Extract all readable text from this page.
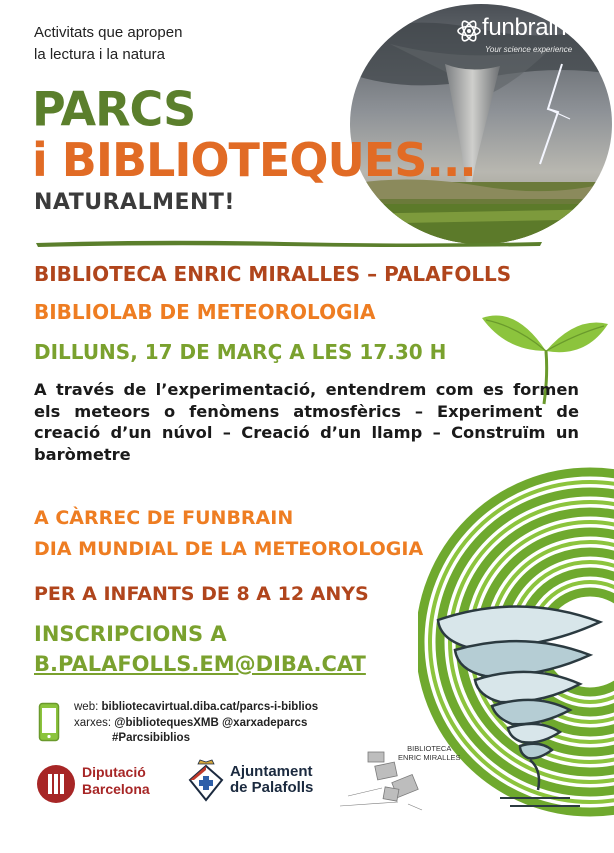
funbrain
Your science experience
Activitats que apropen
la lectura i la natura
PARCS
i BIBLIOTEQUES...
NATURALMENT!
BIBLIOTECA ENRIC MIRALLES – PALAFOLLS
BIBLIOLAB DE METEOROLOGIA
DILLUNS, 17 DE MARÇ A LES 17.30 H
A través de l’experimentació, entendrem com es formen els meteors o fenòmens atmosfèrics – Experiment de creació d’un núvol – Creació d’un llamp – Construïm un baròmetre
A CÀRREC DE FUNBRAIN
DIA MUNDIAL DE LA METEOROLOGIA
PER A INFANTS DE 8 A 12 ANYS
INSCRIPCIONS A
B.PALAFOLLS.EM@DIBA.CAT
web: bibliotecavirtual.diba.cat/parcs-i-biblios
xarxes: @bibliotequesXMB @xarxadeparcs
#Parcsibiblios
Diputació
Barcelona
Ajuntament
de Palafolls
BIBLIOTECA
ENRIC MIRALLES
